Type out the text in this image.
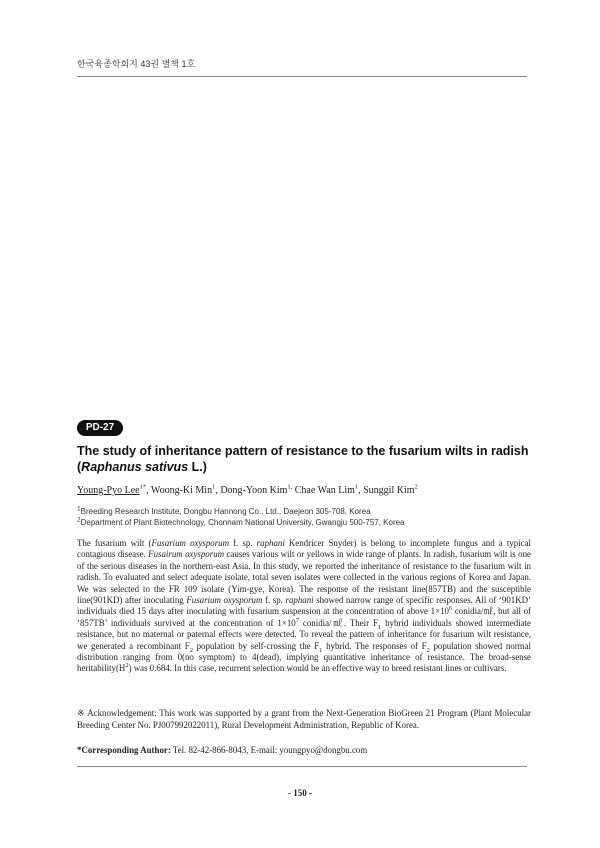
한국육종학회지 43권 별책 1호
PD-27
The study of inheritance pattern of resistance to the fusarium wilts in radish
(Raphanus sativus L.)
Young-Pyo Lee$^{1*}$, Woong-Ki Min$^1$, Dong-Yoon Kim$^{1,}$ Chae Wan Lim$^1$, Sunggil Kim$^2$
$^1$Breeding Research Institute, Dongbu Hannong Co., Ltd., Daejeon 305-708, Korea
$^2$Department of Plant Biotechnology, Chonnam National University, Gwangju 500-757, Korea
The fusarium wilt (Fusarium oxysporum f. sp. raphani Kendricer Snyder) is belong to incomplete fungus and a typical contagious disease. Fusairum oxysporum causes various wilt or yellows in wide range of plants. In radish, fusarium wilt is one of the serious diseases in the northern-east Asia. In this study, we reported the inheritance of resistance to the fusarium wilt in radish. To evaluated and select adequate isolate, total seven isolates were collected in the various regions of Korea and Japan. We was selected to the FR 109 isolate (Yim-gye, Korea). The response of the resistant line(857TB) and the susceptible line(901KD) after inoculating Fusarium oxysporum f. sp. raphani showed narrow range of specific responses. All of ‘901KD’ individuals died 15 days after inoculating with fusarium suspension at the concentration of above $1\times 10^6$ conidia/㎖, but all of ‘857TB’ individuals survived at the concentration of $1\times 10^7$ conidia/㎖. Their $F_1$ hybrid individuals showed intermediate resistance, but no maternal or paternal effects were detected. To reveal the pattern of inheritance for fusarium wilt resistance, we generated a recombinant $F_2$ population by self-crossing the $F_1$ hybrid. The responses of $F_2$ population showed normal distribution ranging from 0(no symptom) to 4(dead), implying quantitative inheritance of resistance. The broad-sense $heritability(H^2)$ was 0.684. In this case, recurrent selection would be an effective way to breed resistant lines or cultivars.
※ Acknowledgement: This work was supported by a grant from the Next-Generation BioGreen 21 Program (Plant Molecular Breeding Center No. PJ007992022011), Rural Development Administration, Republic of Korea.
*Corresponding Author: Tel. 82-42-866-8043, E-mail: youngpyo@dongbu.com
- 150 -
